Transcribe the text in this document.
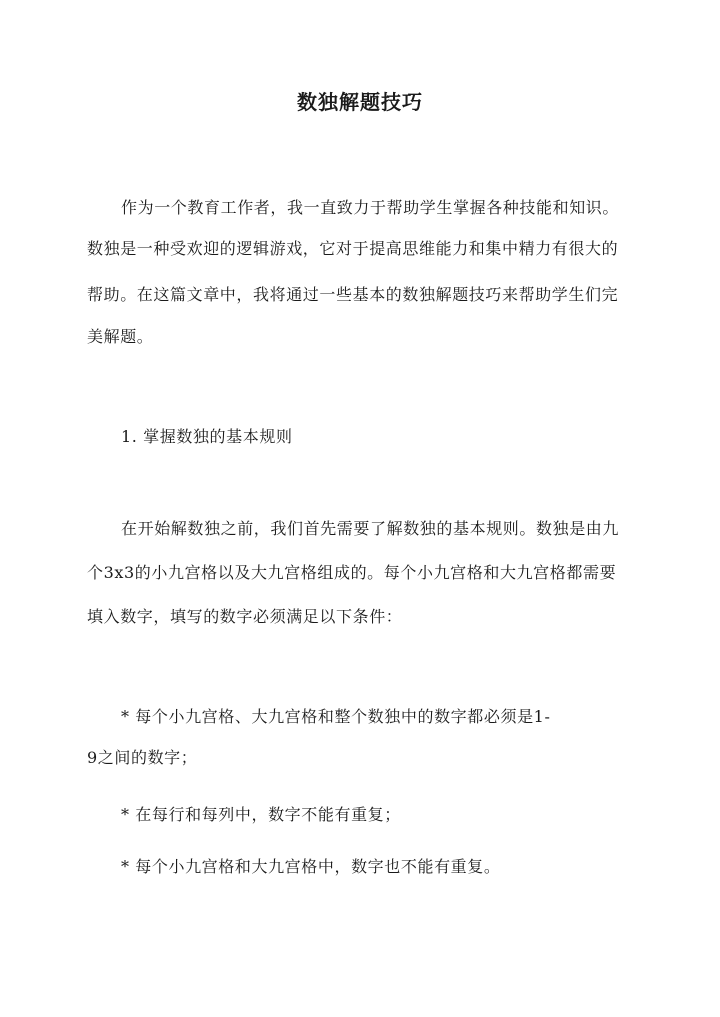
数独解题技巧
作为一个教育工作者，我一直致力于帮助学生掌握各种技能和知识。
数独是一种受欢迎的逻辑游戏，它对于提高思维能力和集中精力有很大的
帮助。在这篇文章中，我将通过一些基本的数独解题技巧来帮助学生们完
美解题。
1. 掌握数独的基本规则
在开始解数独之前，我们首先需要了解数独的基本规则。数独是由九
个3x3的小九宫格以及大九宫格组成的。每个小九宫格和大九宫格都需要
填入数字，填写的数字必须满足以下条件：
* 每个小九宫格、大九宫格和整个数独中的数字都必须是1-
9之间的数字；
* 在每行和每列中，数字不能有重复；
* 每个小九宫格和大九宫格中，数字也不能有重复。
